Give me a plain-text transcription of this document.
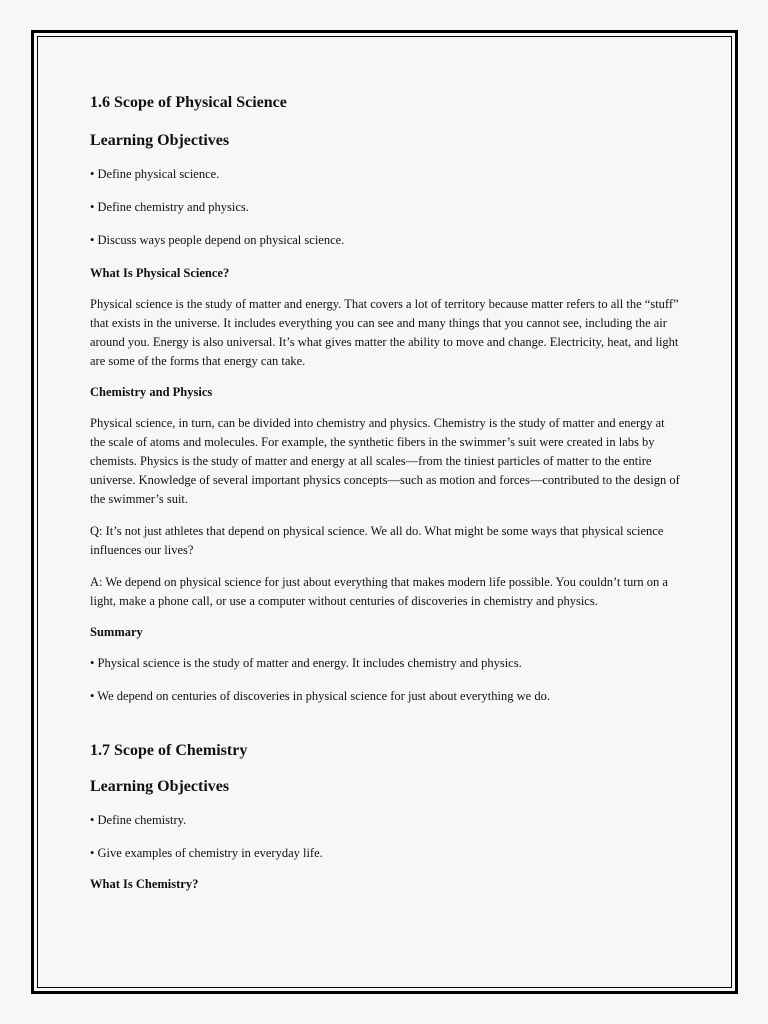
1.6 Scope of Physical Science
Learning Objectives

• Define physical science.

• Define chemistry and physics.

• Discuss ways people depend on physical science.

What Is Physical Science?

Physical science is the study of matter and energy. That covers a lot of territory because matter refers to all the “stuff” that exists in the universe. It includes everything you can see and many things that you cannot see, including the air around you. Energy is also universal. It’s what gives matter the ability to move and change. Electricity, heat, and light are some of the forms that energy can take.

Chemistry and Physics

Physical science, in turn, can be divided into chemistry and physics. Chemistry is the study of matter and energy at the scale of atoms and molecules. For example, the synthetic fibers in the swimmer’s suit were created in labs by chemists. Physics is the study of matter and energy at all scales—from the tiniest particles of matter to the entire universe. Knowledge of several important physics concepts—such as motion and forces—contributed to the design of the swimmer’s suit.

Q: It’s not just athletes that depend on physical science. We all do. What might be some ways that physical science influences our lives?

A: We depend on physical science for just about everything that makes modern life possible. You couldn’t turn on a light, make a phone call, or use a computer without centuries of discoveries in chemistry and physics.

Summary

• Physical science is the study of matter and energy. It includes chemistry and physics.

• We depend on centuries of discoveries in physical science for just about everything we do.

1.7 Scope of Chemistry
Learning Objectives

• Define chemistry.

• Give examples of chemistry in everyday life.

What Is Chemistry?
